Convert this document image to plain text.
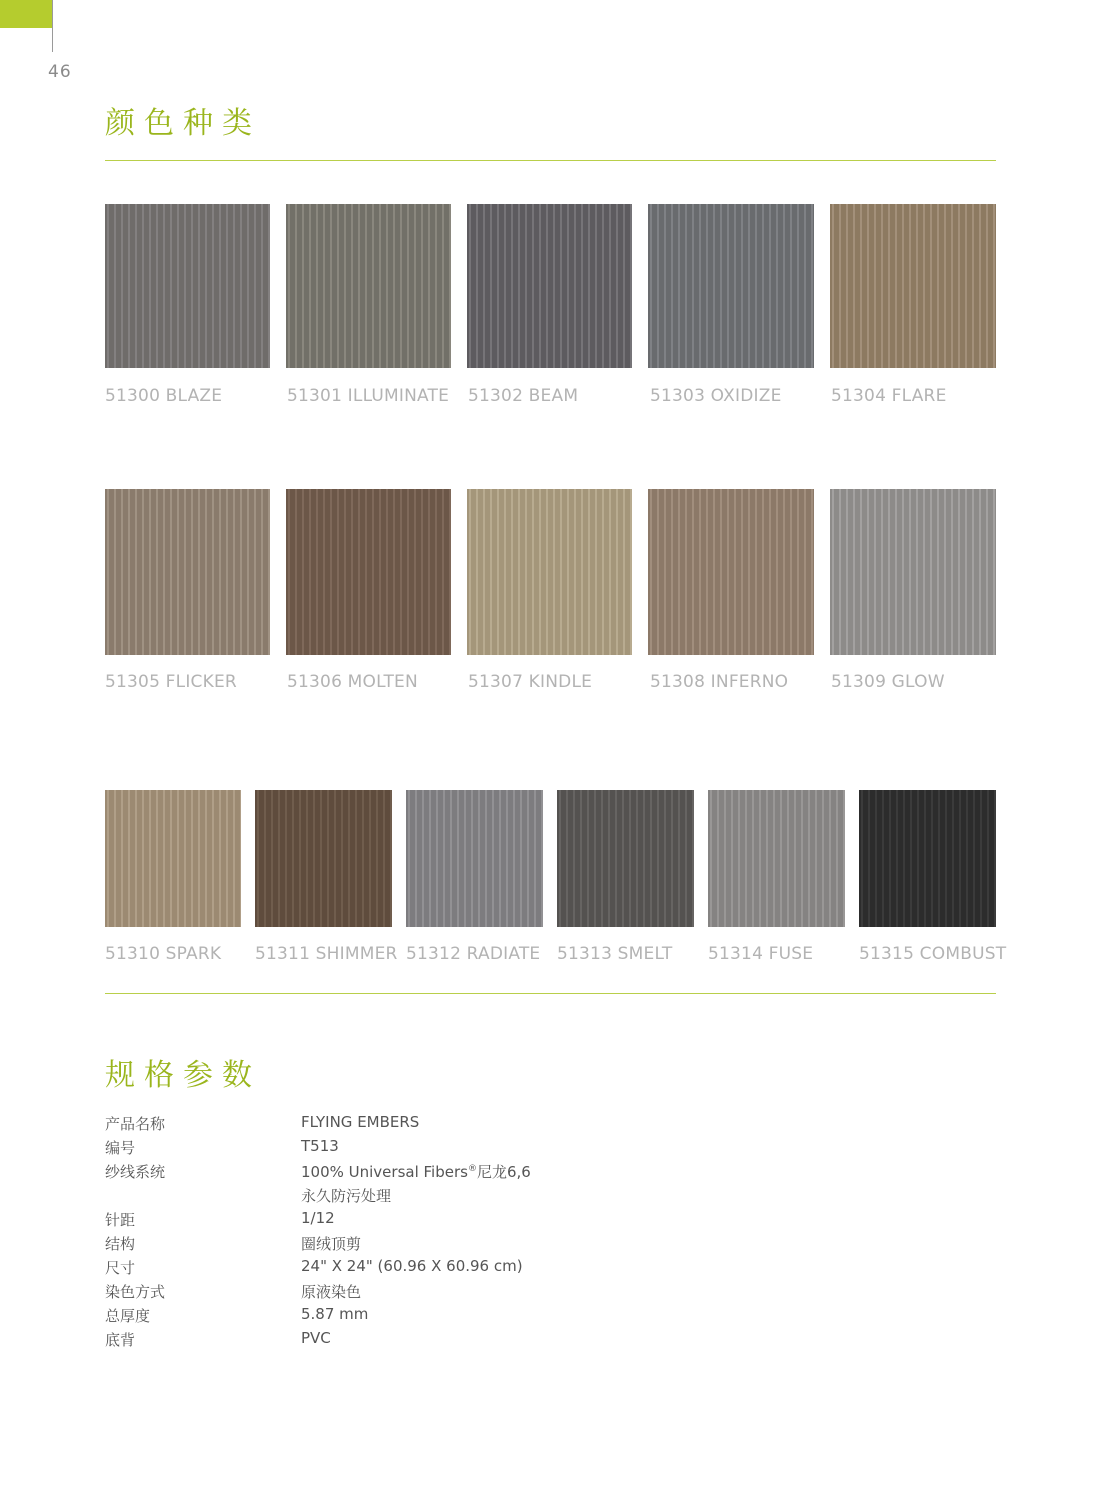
46
颜色种类
51300 BLAZE	51301 ILLUMINATE 51302 BEAM	51303 OXIDIZE	51304 FLARE
51305 FLICKER	51306 MOLTEN	51307 KINDLE	51308 INFERNO	51309 GLOW
51310 SPARK 51311 SHIMMER 51312 RADIATE 51313 SMELT 51314 FUSE	51315 COMBUST
规格参数
产品名称	FLYING EMBERS
编号	T513
纱线系统	100% Universal Fibers®尼龙6,6
永久防污处理
针距	1/12
结构	圈绒顶剪
尺寸	24" X 24" (60.96 X 60.96 cm)
染色方式	原液染色
总厚度	5.87 mm
底背	PVC
